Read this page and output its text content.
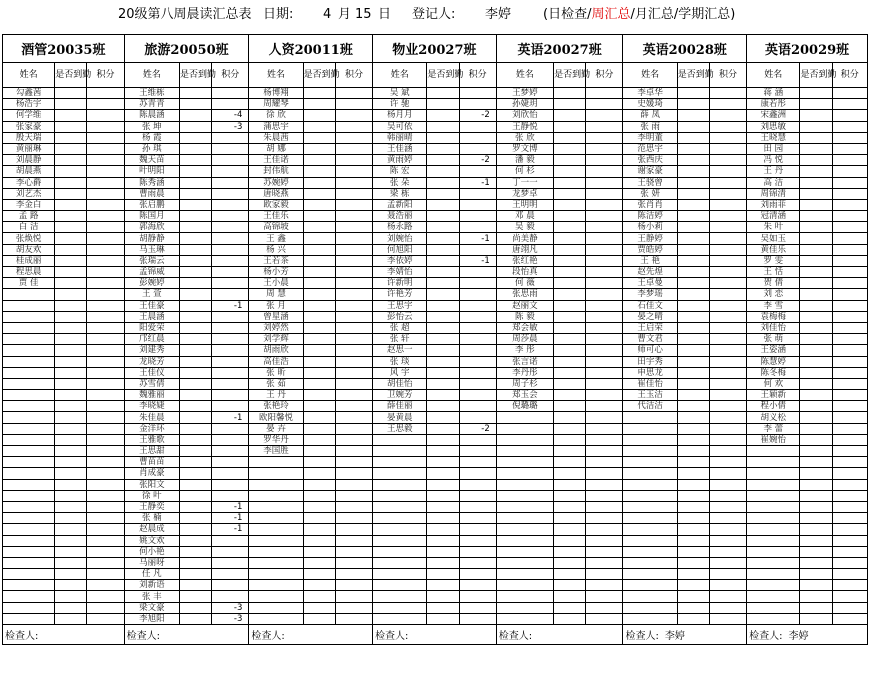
20级第八周晨读汇总表 日期: 4 月 15 日 登记人: 李婷 (日检查/周汇总/月汇总/学期汇总)
酒管20035班			旅游20050班			人资20011班			物业20027班			英语20027班			英语20028班			英语20029班		
姓名	是否到勤	积分	姓名	是否到勤	积分	姓名	是否到勤	积分	姓名	是否到勤	积分	姓名	是否到勤	积分	姓名	是否到勤	积分	姓名	是否到勤	积分
勾鑫茜			王维栋			杨博翔			吴 斌			王梦婷			李卓华			蒋 涵		
杨浩宇			苏青青			周耀琴			许 驰			孙婕玥			史媛琦			康若彤		
何学维			陈晨涵		-4	徐 欣			杨月月		-2	刘欣怡			薛 凤			宋鑫洲		
张家豪			张 坤		-3	蒲思宇			吴可依			王静悦			张 雨			刘思敏		
殷天瑞			杨 霞			朱晨茜			韩丽晴			张 欣			李明董			王晓慧		
黄丽琳			孙 琪			胡 娜			王佳涵			罗文博			范思宇			田 园		
刘晨静			魏天苗			王佳诺			黄雨婷		-2	潘 毅			张西庆			冯 悦		
胡晨燕			叶明阳			封伟航			陈 宏			何 杉			谢家豪			王 丹		
李心爵			陈秀涵			苏婉婷			张 朵		-1	丁一一			王骁曾			高 洁		
刘艺杰			曹雨晨			唐晓燕			梁 栋			龙梦卓			张 妍			周锦清		
李金白			张启鹏			欧家毅			孟新阳			王明明			张肖肖			刘雨菲		
孟 路			陈国月			王佳乐			聂浩丽			邓 晨			陈洁婷			冠清涵		
白 洁			郭海欣			高锦坡			杨永路			吴 毅			杨小莉			朱 叶		
张焕悦			胡静静			王 鑫			刘婉怡		-1	尚美静			王静婷			吴如玉		
胡友欢			马玉琳			杨 兴			何旭阳			唐翊凡			贾皓婷			黄佳乐		
桂成丽			张瑞云			王若茶			李依婷		-1	张红艳			王 艳			罗 雯		
程思晨			孟锦威			杨小芳			李婧怡			段怡真			赵先煌			王 恬		
贾 佳			彭婉婷			王小晨			许新明			何 薇			王卓曼			贺 倩		
			王 萱			周 慧			许艳芳			张思雨			李梦瑶			刘 恋		
			王佳豪		-1	张 月			王思宇			赵丽文			石佳文			李 雪		
			王晨涵			曾星涵			彭怡云			陈 毅			晏之晴			袁梅梅		
			阳爱荣			刘婷然			张 超			郑会敏			王启荣			刘佳怡		
			邝红晨			刘学辉			张 轩			周莎晨			曹文君			张 萌		
			刘建秀			胡雨欣			赵思一			李 彤			师可心			王姿涵		
			龙晓芳			高佳浩			张 琰			张言诺			田宇秀			陈慧婷		
			王佳仪			张 昕			风 宇			李丹彤			申思龙			陈冬梅		
			苏雪倩			张 茹			胡佳怡			周子杉			崔佳怡			何 欢		
			魏雅丽			王 丹			卫婉芳			郑玉会			王玉洁			王颖新		
			李晓婕			张艳玲			薛佳丽			倪璐璐			代洁洁			程小倩		
			朱佳晨		-1	欧阳馨悦			晏黄晨									胡义松		
			金洋环			晏 卉			王思毅		-2							李 蕾		
			王雅歌			罗华丹												崔婉怡		
			王思甜			李国胜														
			曹苗苗																	
			肖成豪																	
			张阳文																	
			徐 叶																	
			王静奕		-1															
			张 楠		-1															
			赵晨成		-1															
			姚文欢																	
			何小艳																	
			马丽呀																	
			任 凡																	
			刘新语																	
			张 丰																	
			梁文豪		-3															
			李旭阳		-3															
检查人:			检查人:			检查人:			检查人:			检查人:			检查人: 李婷			检查人: 李婷		
